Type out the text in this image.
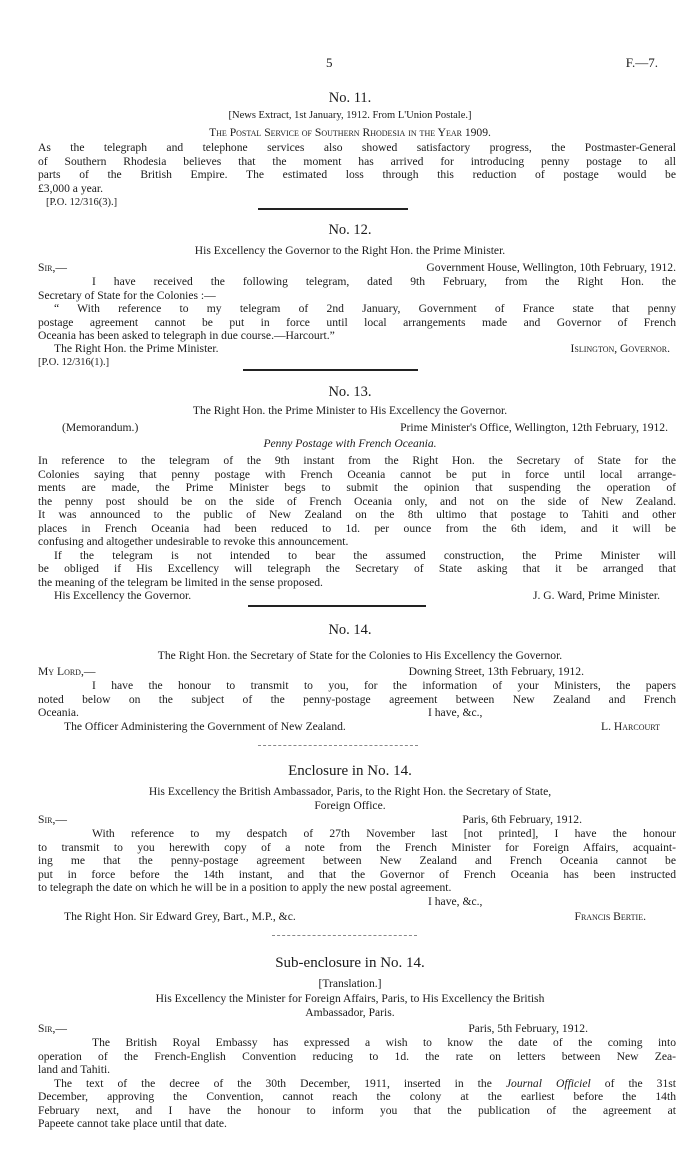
5	F.—7.
No. 11.
[News Extract, 1st January, 1912. From L'Union Postale.]
The Postal Service of Southern Rhodesia in the Year 1909.
As the telegraph and telephone services also showed satisfactory progress, the Postmaster-General
of Southern Rhodesia believes that the moment has arrived for introducing penny postage to all
parts of the British Empire. The estimated loss through this reduction of postage would be
£3,000 a year.
[P.O. 12/316(3).]
No. 12.
His Excellency the Governor to the Right Hon. the Prime Minister.
Sir,—	Government House, Wellington, 10th February, 1912.
I have received the following telegram, dated 9th February, from the Right Hon. the
Secretary of State for the Colonies :—
“ With reference to my telegram of 2nd January, Government of France state that penny
postage agreement cannot be put in force until local arrangements made and Governor of French
Oceania has been asked to telegraph in due course.—Harcourt.”
The Right Hon. the Prime Minister.	Islington, Governor.
[P.O. 12/316(1).]
No. 13.
The Right Hon. the Prime Minister to His Excellency the Governor.
(Memorandum.)	Prime Minister's Office, Wellington, 12th February, 1912.
Penny Postage with French Oceania.
In reference to the telegram of the 9th instant from the Right Hon. the Secretary of State for the
Colonies saying that penny postage with French Oceania cannot be put in force until local arrange-
ments are made, the Prime Minister begs to submit the opinion that suspending the operation of
the penny post should be on the side of French Oceania only, and not on the side of New Zealand.
It was announced to the public of New Zealand on the 8th ultimo that postage to Tahiti and other
places in French Oceania had been reduced to 1d. per ounce from the 6th idem, and it will be
confusing and altogether undesirable to revoke this announcement.
If the telegram is not intended to bear the assumed construction, the Prime Minister will
be obliged if His Excellency will telegraph the Secretary of State asking that it be arranged that
the meaning of the telegram be limited in the sense proposed.
His Excellency the Governor.	J. G. Ward, Prime Minister.
No. 14.
The Right Hon. the Secretary of State for the Colonies to His Excellency the Governor.
My Lord,—	Downing Street, 13th February, 1912.
I have the honour to transmit to you, for the information of your Ministers, the papers
noted below on the subject of the penny-postage agreement between New Zealand and French
Oceania.	I have, &c.,
The Officer Administering the Government of New Zealand.	L. Harcourt
Enclosure in No. 14.
His Excellency the British Ambassador, Paris, to the Right Hon. the Secretary of State,
Foreign Office.
Sir,—	Paris, 6th February, 1912.
With reference to my despatch of 27th November last [not printed], I have the honour
to transmit to you herewith copy of a note from the French Minister for Foreign Affairs, acquaint-
ing me that the penny-postage agreement between New Zealand and French Oceania cannot be
put in force before the 14th instant, and that the Governor of French Oceania has been instructed
to telegraph the date on which he will be in a position to apply the new postal agreement.
I have, &c.,
The Right Hon. Sir Edward Grey, Bart., M.P., &c.	Francis Bertie.
Sub-enclosure in No. 14.
[Translation.]
His Excellency the Minister for Foreign Affairs, Paris, to His Excellency the British
Ambassador, Paris.
Sir,—	Paris, 5th February, 1912.
The British Royal Embassy has expressed a wish to know the date of the coming into
operation of the French-English Convention reducing to 1d. the rate on letters between New Zea-
land and Tahiti.
The text of the decree of the 30th December, 1911, inserted in the Journal Officiel of the 31st
December, approving the Convention, cannot reach the colony at the earliest before the 14th
February next, and I have the honour to inform you that the publication of the agreement at
Papeete cannot take place until that date.
